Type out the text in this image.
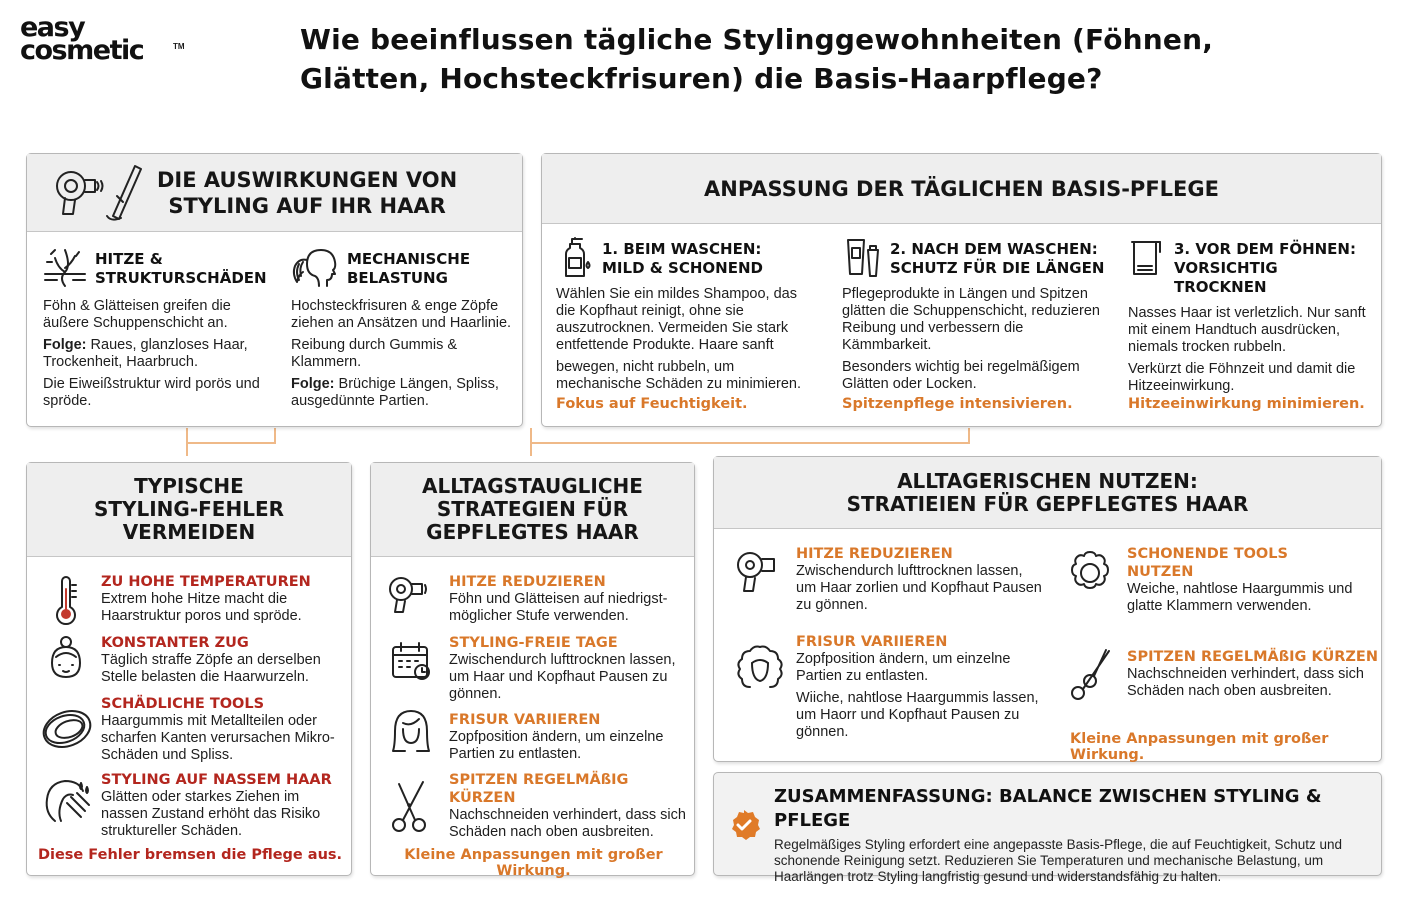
easy
cosmetic	TM	Wie beeinflussen tägliche Stylinggewohnheiten (Föhnen,
Glätten, Hochsteckfrisuren) die Basis-Haarpflege?
DIE AUSWIRKUNGEN VON
STYLING AUF IHR HAAR
HITZE &
STRUKTURSCHÄDEN
Föhn & Glätteisen greifen die äußere Schuppenschicht an.
Folge: Raues, glanzloses Haar, Trockenheit, Haarbruch.
Die Eiweißstruktur wird porös und spröde.
MECHANISCHE
BELASTUNG
Hochsteckfrisuren & enge Zöpfe ziehen an Ansätzen und Haarlinie.
Reibung durch Gummis & Klammern.
Folge: Brüchige Längen, Spliss, ausgedünnte Partien.
ANPASSUNG DER TÄGLICHEN BASIS-PFLEGE
1. BEIM WASCHEN:
MILD & SCHONEND
Wählen Sie ein mildes Shampoo, das die Kopfhaut reinigt, ohne sie auszutrocknen. Vermeiden Sie stark entfettende Produkte. Haare sanft
bewegen, nicht rubbeln, um mechanische Schäden zu minimieren.
Fokus auf Feuchtigkeit.
2. NACH DEM WASCHEN:
SCHUTZ FÜR DIE LÄNGEN
Pflegeprodukte in Längen und Spitzen glätten die Schuppenschicht, reduzieren Reibung und verbessern die Kämmbarkeit.
Besonders wichtig bei regelmäßigem Glätten oder Locken.
Spitzenpflege intensivieren.
3. VOR DEM FÖHNEN:
VORSICHTIG TROCKNEN
Nasses Haar ist verletzlich. Nur sanft mit einem Handtuch ausdrücken, niemals trocken rubbeln.
Verkürzt die Föhnzeit und damit die Hitzeeinwirkung.
Hitzeeinwirkung minimieren.
TYPISCHE
STYLING-FEHLER
VERMEIDEN
ZU HOHE TEMPERATUREN
Extrem hohe Hitze macht die Haarstruktur poros und spröde.
KONSTANTER ZUG
Täglich straffe Zöpfe an derselben Stelle belasten die Haarwurzeln.
SCHÄDLICHE TOOLS
Haargummis mit Metallteilen oder scharfen Kanten verursachen Mikro-Schäden und Spliss.
STYLING AUF NASSEM HAAR
Glätten oder starkes Ziehen im nassen Zustand erhöht das Risiko struktureller Schäden.
Diese Fehler bremsen die Pflege aus.
ALLTAGSTAUGLICHE
STRATEGIEN FÜR
GEPFLEGTES HAAR
HITZE REDUZIEREN
Föhn und Glätteisen auf niedrigst-möglicher Stufe verwenden.
STYLING-FREIE TAGE
Zwischendurch lufttrocknen lassen, um Haar und Kopfhaut Pausen zu gönnen.
FRISUR VARIIEREN
Zopfposition ändern, um einzelne Partien zu entlasten.
SPITZEN REGELMÄßIG KÜRZEN
Nachschneiden verhindert, dass sich Schäden nach oben ausbreiten.
Kleine Anpassungen mit großer Wirkung.
ALLTAGERISCHEN NUTZEN:
STRATIEIEN FÜR GEPFLEGTES HAAR
HITZE REDUZIEREN
Zwischendurch lufttrocknen lassen, um Haar zorlien und Kopfhaut Pausen zu gönnen.
FRISUR VARIIEREN
Zopfposition ändern, um einzelne Partien zu entlasten.
Wiiche, nahtlose Haargummis lassen, um Haorr und Kopfhaut Pausen zu gönnen.
SCHONENDE TOOLS
NUTZEN
Weiche, nahtlose Haargummis und glatte Klammern verwenden.
SPITZEN REGELMÄßIG KÜRZEN
Nachschneiden verhindert, dass sich Schäden nach oben ausbreiten.
Kleine Anpassungen mit großer Wirkung.
ZUSAMMENFASSUNG: BALANCE ZWISCHEN STYLING & PFLEGE
Regelmäßiges Styling erfordert eine angepasste Basis-Pflege, die auf Feuchtigkeit, Schutz und schonende Reinigung setzt. Reduzieren Sie Temperaturen und mechanische Belastung, um Haarlängen trotz Styling langfristig gesund und widerstandsfähig zu halten.
